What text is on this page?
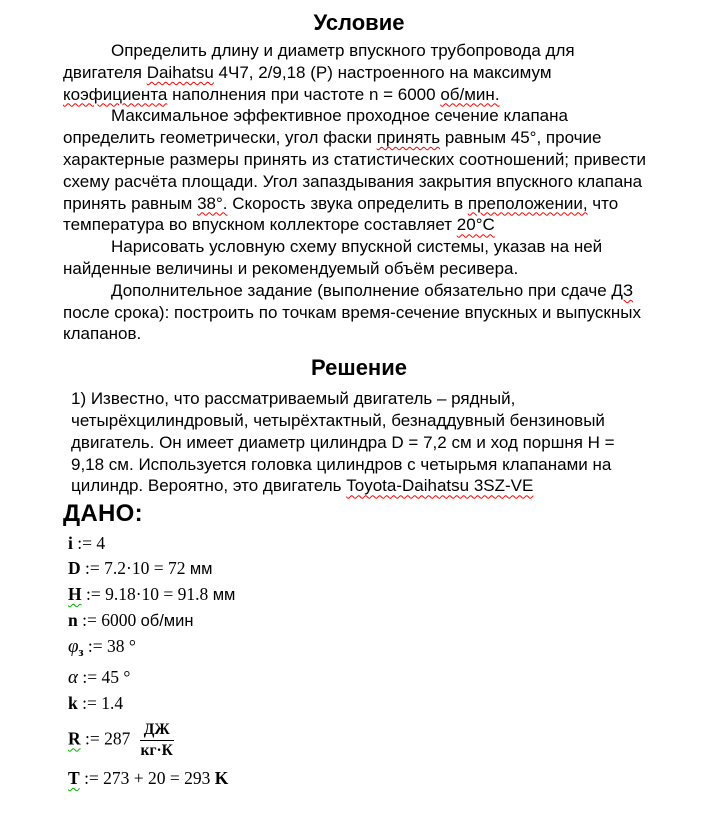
Условие

Определить длину и диаметр впускного трубопровода для двигателя Daihatsu 4Ч7, 2/9,18 (Р) настроенного на максимум коэфициента наполнения при частоте n = 6000 об/мин.

Максимальное эффективное проходное сечение клапана определить геометрически, угол фаски принять равным 45°, прочие характерные размеры принять из статистических соотношений; привести схему расчёта площади. Угол запаздывания закрытия впускного клапана принять равным 38°. Скорость звука определить в преположении, что температура во впускном коллекторе составляет 20°С

Нарисовать условную схему впускной системы, указав на ней найденные величины и рекомендуемый объём ресивера.

Дополнительное задание (выполнение обязательно при сдаче ДЗ после срока): построить по точкам время-сечение впускных и выпускных клапанов.

Решение

1) Известно, что рассматриваемый двигатель – рядный, четырёхцилиндровый, четырёхтактный, безнаддувный бензиновый двигатель. Он имеет диаметр цилиндра D = 7,2 см и ход поршня H = 9,18 см. Используется головка цилиндров с четырьмя клапанами на цилиндр. Вероятно, это двигатель Toyota-Daihatsu 3SZ-VE

ДАНО:
i := 4
D := 7.2·10 = 72 мм
H := 9.18·10 = 91.8 мм
n := 6000 об/мин
$\varphi_з$ := 38 °
α := 45 °
k := 1.4
R := $287 \frac{ДЖ}{кг\cdot К}$
T := 273 + 20 = 293 K
